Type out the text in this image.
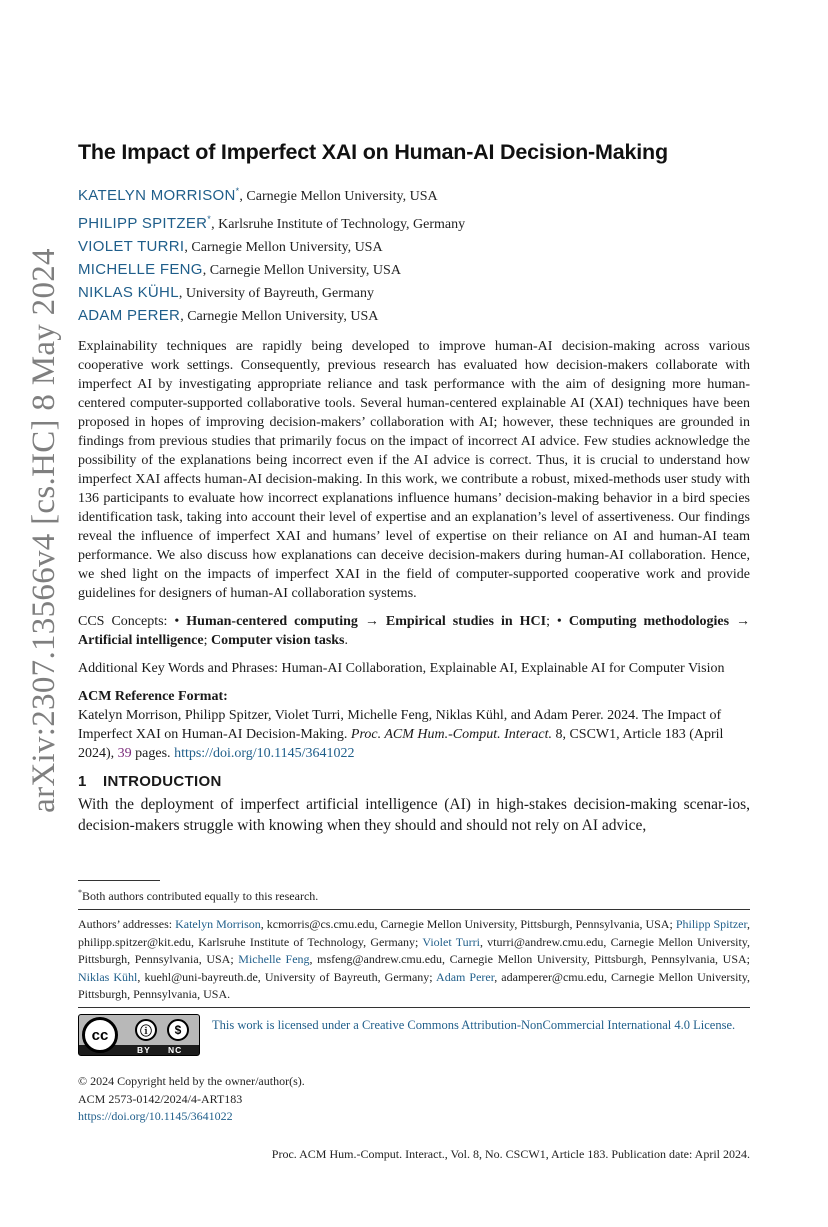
arXiv:2307.13566v4 [cs.HC] 8 May 2024
The Impact of Imperfect XAI on Human-AI Decision-Making
KATELYN MORRISON*, Carnegie Mellon University, USA
PHILIPP SPITZER*, Karlsruhe Institute of Technology, Germany
VIOLET TURRI, Carnegie Mellon University, USA
MICHELLE FENG, Carnegie Mellon University, USA
NIKLAS KÜHL, University of Bayreuth, Germany
ADAM PERER, Carnegie Mellon University, USA

Explainability techniques are rapidly being developed to improve human-AI decision-making across various cooperative work settings. Consequently, previous research has evaluated how decision-makers collaborate with imperfect AI by investigating appropriate reliance and task performance with the aim of designing more human-centered computer-supported collaborative tools. Several human-centered explainable AI (XAI) techniques have been proposed in hopes of improving decision-makers’ collaboration with AI; however, these techniques are grounded in findings from previous studies that primarily focus on the impact of incorrect AI advice. Few studies acknowledge the possibility of the explanations being incorrect even if the AI advice is correct. Thus, it is crucial to understand how imperfect XAI affects human-AI decision-making. In this work, we contribute a robust, mixed-methods user study with 136 participants to evaluate how incorrect explanations influence humans’ decision-making behavior in a bird species identification task, taking into account their level of expertise and an explanation’s level of assertiveness. Our findings reveal the influence of imperfect XAI and humans’ level of expertise on their reliance on AI and human-AI team performance. We also discuss how explanations can deceive decision-makers during human-AI collaboration. Hence, we shed light on the impacts of imperfect XAI in the field of computer-supported cooperative work and provide guidelines for designers of human-AI collaboration systems.

CCS Concepts: • Human-centered computing → Empirical studies in HCI; • Computing methodologies → Artificial intelligence; Computer vision tasks.

Additional Key Words and Phrases: Human-AI Collaboration, Explainable AI, Explainable AI for Computer Vision

ACM Reference Format:
Katelyn Morrison, Philipp Spitzer, Violet Turri, Michelle Feng, Niklas Kühl, and Adam Perer. 2024. The Impact of Imperfect XAI on Human-AI Decision-Making. Proc. ACM Hum.-Comput. Interact. 8, CSCW1, Article 183 (April 2024), 39 pages. https://doi.org/10.1145/3641022
1 INTRODUCTION

With the deployment of imperfect artificial intelligence (AI) in high-stakes decision-making scenar-ios, decision-makers struggle with knowing when they should and should not rely on AI advice,

*Both authors contributed equally to this research.

Authors’ addresses: Katelyn Morrison, kcmorris@cs.cmu.edu, Carnegie Mellon University, Pittsburgh, Pennsylvania, USA; Philipp Spitzer, philipp.spitzer@kit.edu, Karlsruhe Institute of Technology, Germany; Violet Turri, vturri@andrew.cmu.edu, Carnegie Mellon University, Pittsburgh, Pennsylvania, USA; Michelle Feng, msfeng@andrew.cmu.edu, Carnegie Mellon University, Pittsburgh, Pennsylvania, USA; Niklas Kühl, kuehl@uni-bayreuth.de, University of Bayreuth, Germany; Adam Perer, adamperer@cmu.edu, Carnegie Mellon University, Pittsburgh, Pennsylvania, USA.

cc	ⓘ	$
BY NC
This work is licensed under a Creative Commons Attribution-NonCommercial International 4.0 License.
© 2024 Copyright held by the owner/author(s).
ACM 2573-0142/2024/4-ART183
https://doi.org/10.1145/3641022
Proc. ACM Hum.-Comput. Interact., Vol. 8, No. CSCW1, Article 183. Publication date: April 2024.
